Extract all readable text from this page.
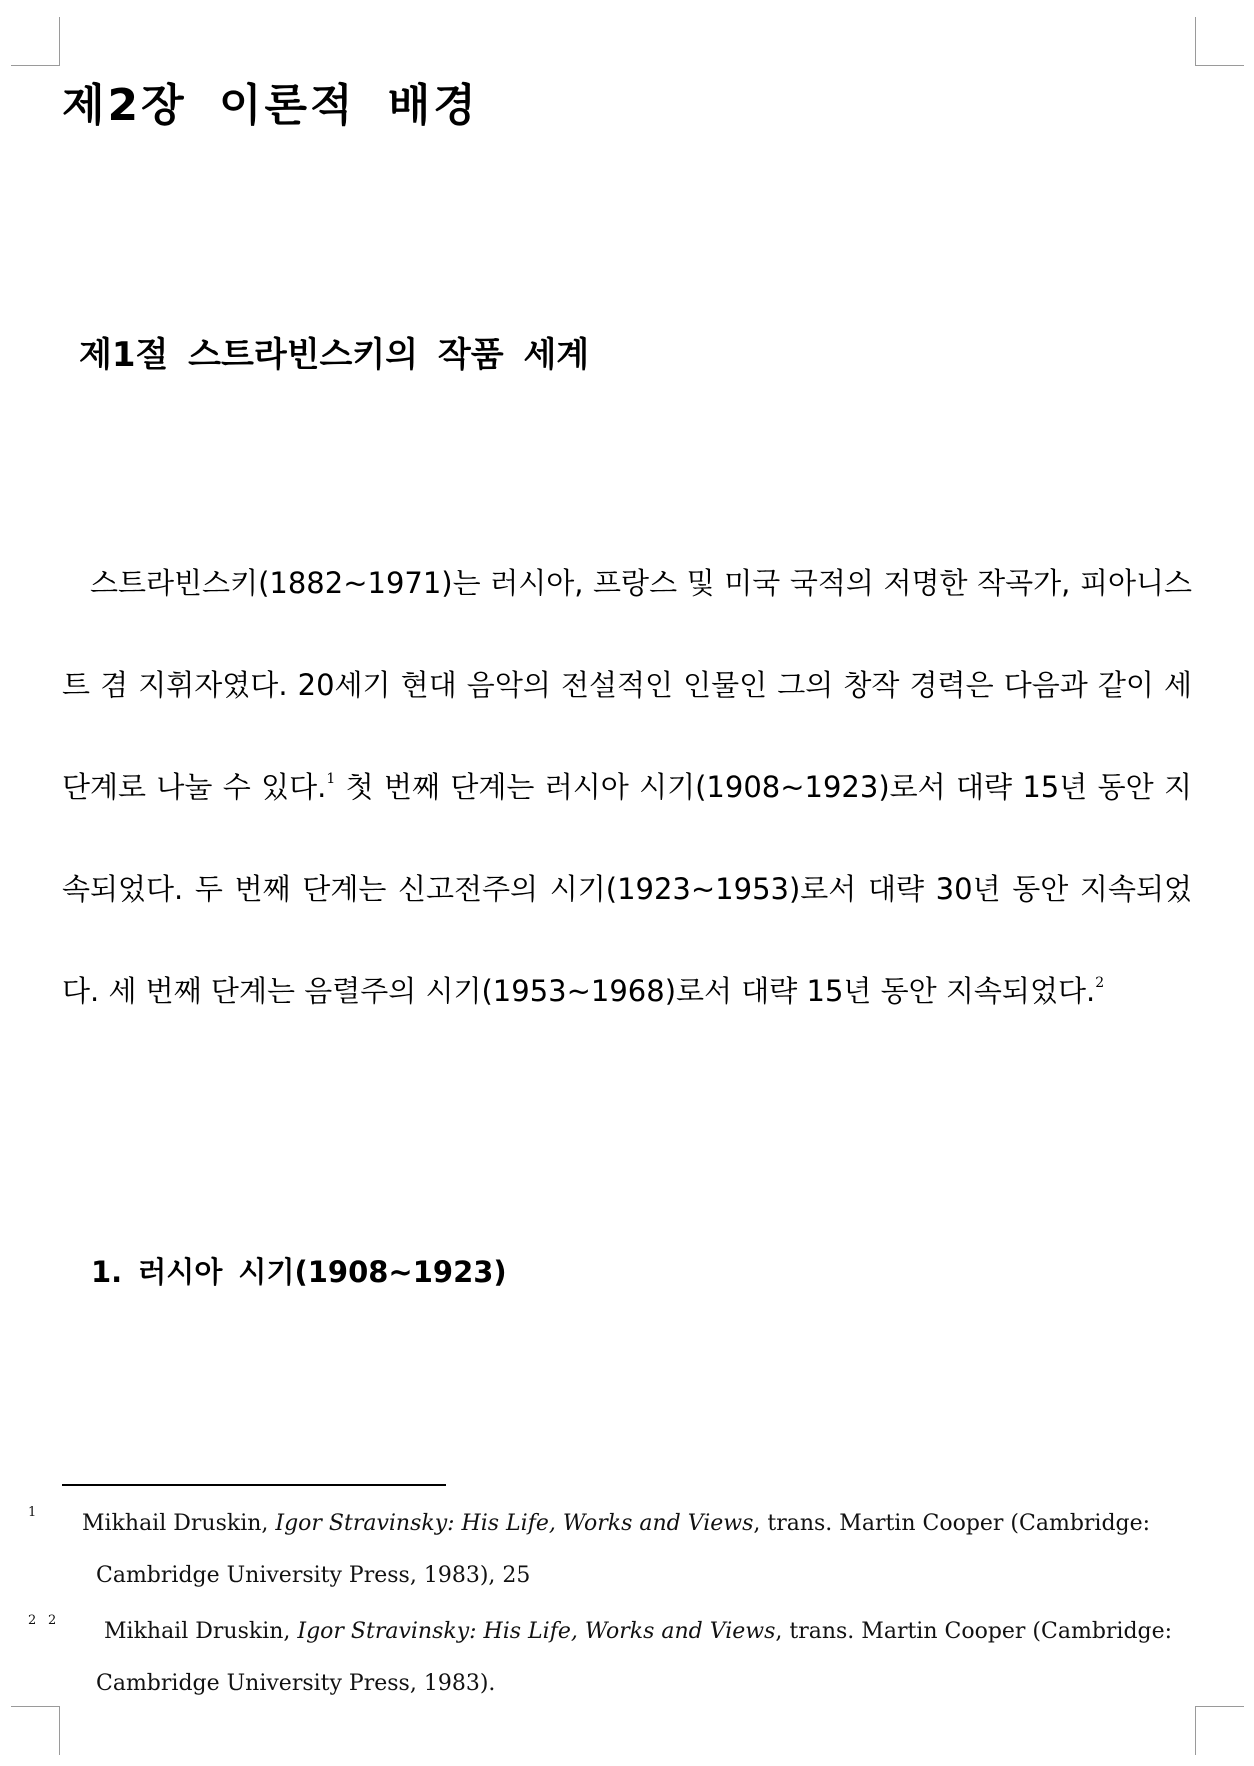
제2장 이론적 배경
제1절 스트라빈스키의 작품 세계

스트라빈스키(1882~1971)는 러시아, 프랑스 및 미국 국적의 저명한 작곡가, 피아니스트 겸 지휘자였다. 20세기 현대 음악의 전설적인 인물인 그의 창작 경력은 다음과 같이 세 단계로 나눌 수 있다.$^1$ 첫 번째 단계는 러시아 시기(1908~1923)로서 대략 15년 동안 지속되었다. 두 번째 단계는 신고전주의 시기(1923~1953)로서 대략 30년 동안 지속되었다. 세 번째 단계는 음렬주의 시기(1953~1968)로서 대략 15년 동안 지속되었다.$^2$

1. 러시아 시기(1908~1923)

1 Mikhail Druskin, Igor Stravinsky: His Life, Works and Views, trans. Martin Cooper (Cambridge: Cambridge University Press, 1983), 25

2 2 Mikhail Druskin, Igor Stravinsky: His Life, Works and Views, trans. Martin Cooper (Cambridge: Cambridge University Press, 1983).
